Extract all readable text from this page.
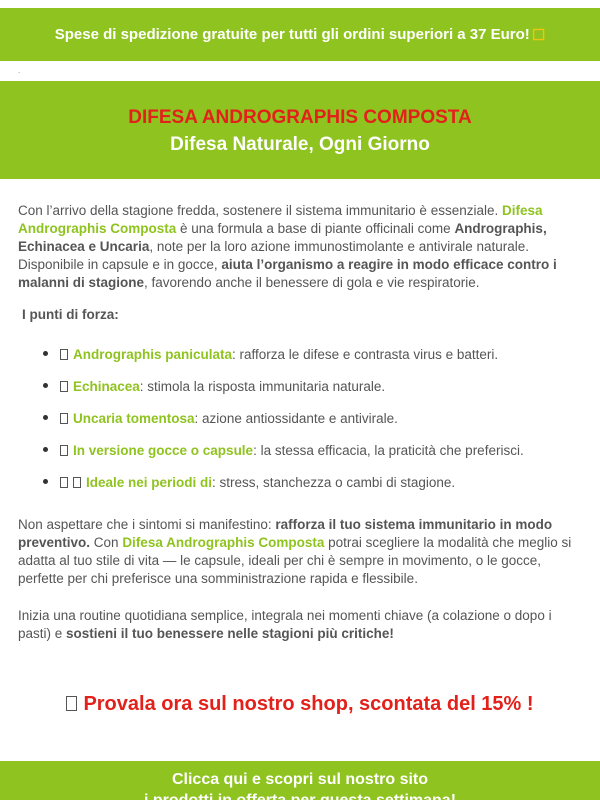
Spese di spedizione gratuite per tutti gli ordini superiori a 37 Euro! ☐
.
DIFESA ANDROGRAPHIS COMPOSTA
Difesa Naturale, Ogni Giorno
Con l’arrivo della stagione fredda, sostenere il sistema immunitario è essenziale. Difesa Andrographis Composta è una formula a base di piante officinali come Andrographis, Echinacea e Uncaria, note per la loro azione immunostimolante e antivirale naturale. Disponibile in capsule e in gocce, aiuta l’organismo a reagire in modo efficace contro i malanni di stagione, favorendo anche il benessere di gola e vie respiratorie.
I punti di forza:
Andrographis paniculata : rafforza le difese e contrasta virus e batteri.
Echinacea : stimola la risposta immunitaria naturale.
Uncaria tomentosa : azione antiossidante e antivirale.
In versione gocce o capsule : la stessa efficacia, la praticità che preferisci.
Ideale nei periodi di : stress, stanchezza o cambi di stagione.
Non aspettare che i sintomi si manifestino: rafforza il tuo sistema immunitario in modo preventivo. Con Difesa Andrographis Composta potrai scegliere la modalità che meglio si adatta al tuo stile di vita — le capsule, ideali per chi è sempre in movimento, o le gocce, perfette per chi preferisce una somministrazione rapida e flessibile.
Inizia una routine quotidiana semplice, integrala nei momenti chiave (a colazione o dopo i pasti) e sostieni il tuo benessere nelle stagioni più critiche!
Provala ora sul nostro shop, scontata del 15% !
Clicca qui e scopri sul nostro sito
i prodotti in offerta per questa settimana!
